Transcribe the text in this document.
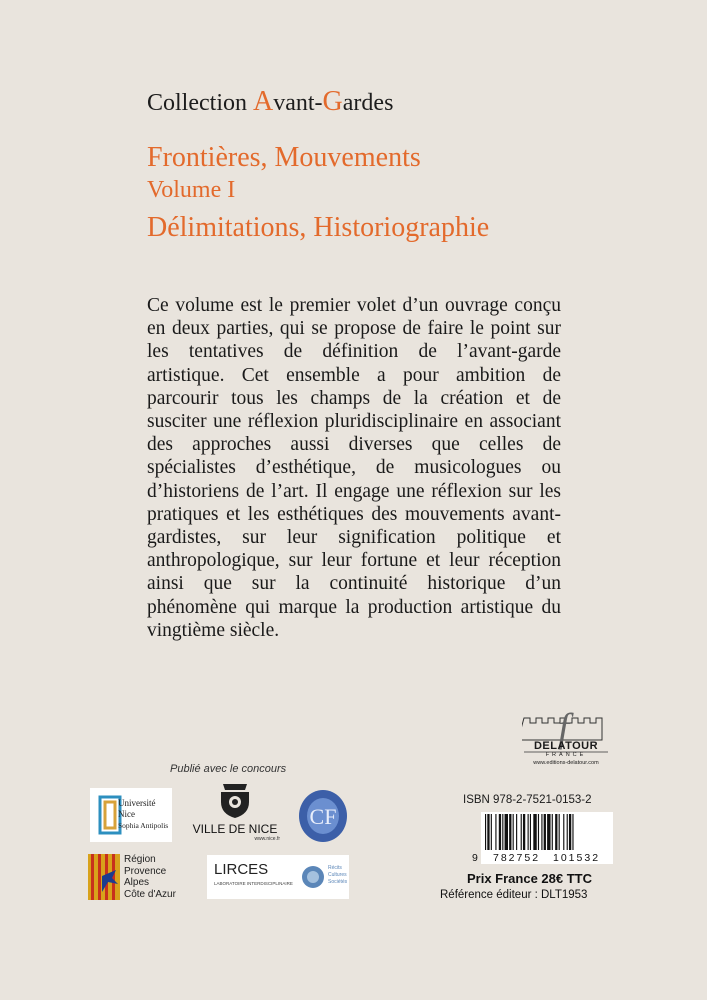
Collection Avant-Gardes
Frontières, Mouvements
Volume I
Délimitations, Historiographie

Ce volume est le premier volet d’un ouvrage conçu en deux parties, qui se propose de faire le point sur les tentatives de définition de l’avant-garde artistique. Cet ensemble a pour ambition de parcourir tous les champs de la création et de susciter une réflexion pluridisciplinaire en associant des approches aussi diverses que celles de spécialistes d’esthétique, de musicologues ou d’historiens de l’art. Il engage une réflexion sur les pratiques et les esthétiques des mouvements avant-gardistes, sur leur signification politique et anthropologique, sur leur fortune et leur réception ainsi que sur la continuité historique d’un phénomène qui marque la production artistique du vingtième siècle.

f
DELATOUR
FRANCE
www.editions-delatour.com
Publié avec le concours
Université
Nice
Sophia Antipolis VILLE DE NICE
www.nice.fr
CF
Région
Provence
Alpes
Côte d'Azur
LIRCES
LABORATOIRE INTERDISCIPLINAIRE
Récits
Cultures
Sociétés
ISBN 978-2-7521-0153-2
9 782752 101532
Prix France 28€ TTC
Référence éditeur : DLT1953
